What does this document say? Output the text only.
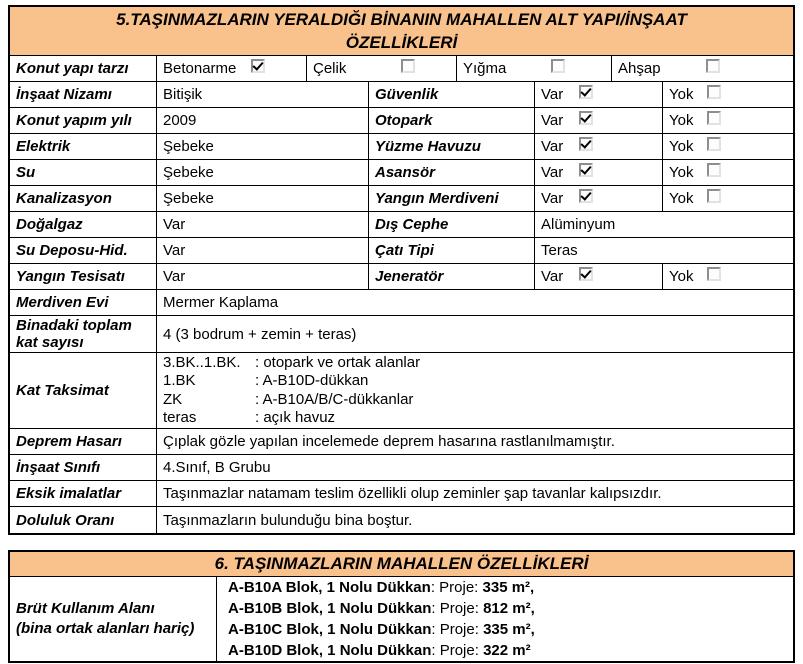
5.TAŞINMAZLARIN YERALDIĞI BİNANIN MAHALLEN ALT YAPI/İNŞAAT
ÖZELLİKLERİ
Konut yapı tarzı Betonarme	Çelik	Yığma	Ahşap
İnşaat Nizamı	Bitişik	Güvenlik	Var	Yok
Konut yapım yılı 2009	Otopark	Var	Yok
Elektrik	Şebeke	Yüzme Havuzu	Var	Yok
Su	Şebeke	Asansör	Var	Yok
Kanalizasyon	Şebeke	Yangın Merdiveni	Var	Yok
Doğalgaz	Var	Dış Cephe	Alüminyum
Su Deposu-Hid. Var	Çatı Tipi	Teras
Yangın Tesisatı	Var	Jeneratör	Var	Yok
Merdiven Evi	Mermer Kaplama
Binadaki toplam kat sayısı	4 (3 bodrum + zemin + teras)
Kat Taksimat
3.BK..1.BK. : otopark ve ortak alanlar
1.BK	: A-B10D-dükkan
ZK	: A-B10A/B/C-dükkanlar
teras	: açık havuz
Deprem Hasarı	Çıplak gözle yapılan incelemede deprem hasarına rastlanılmamıştır.
İnşaat Sınıfı	4.Sınıf, B Grubu
Eksik imalatlar	Taşınmazlar natamam teslim özellikli olup zeminler şap tavanlar kalıpsızdır.
Doluluk Oranı	Taşınmazların bulunduğu bina boştur.
6. TAŞINMAZLARIN MAHALLEN ÖZELLİKLERİ
Brüt Kullanım Alanı
(bina ortak alanları hariç)
A-B10A Blok, 1 Nolu Dükkan: Proje: 335 m²,
A-B10B Blok, 1 Nolu Dükkan: Proje: 812 m²,
A-B10C Blok, 1 Nolu Dükkan: Proje: 335 m²,
A-B10D Blok, 1 Nolu Dükkan: Proje: 322 m²
